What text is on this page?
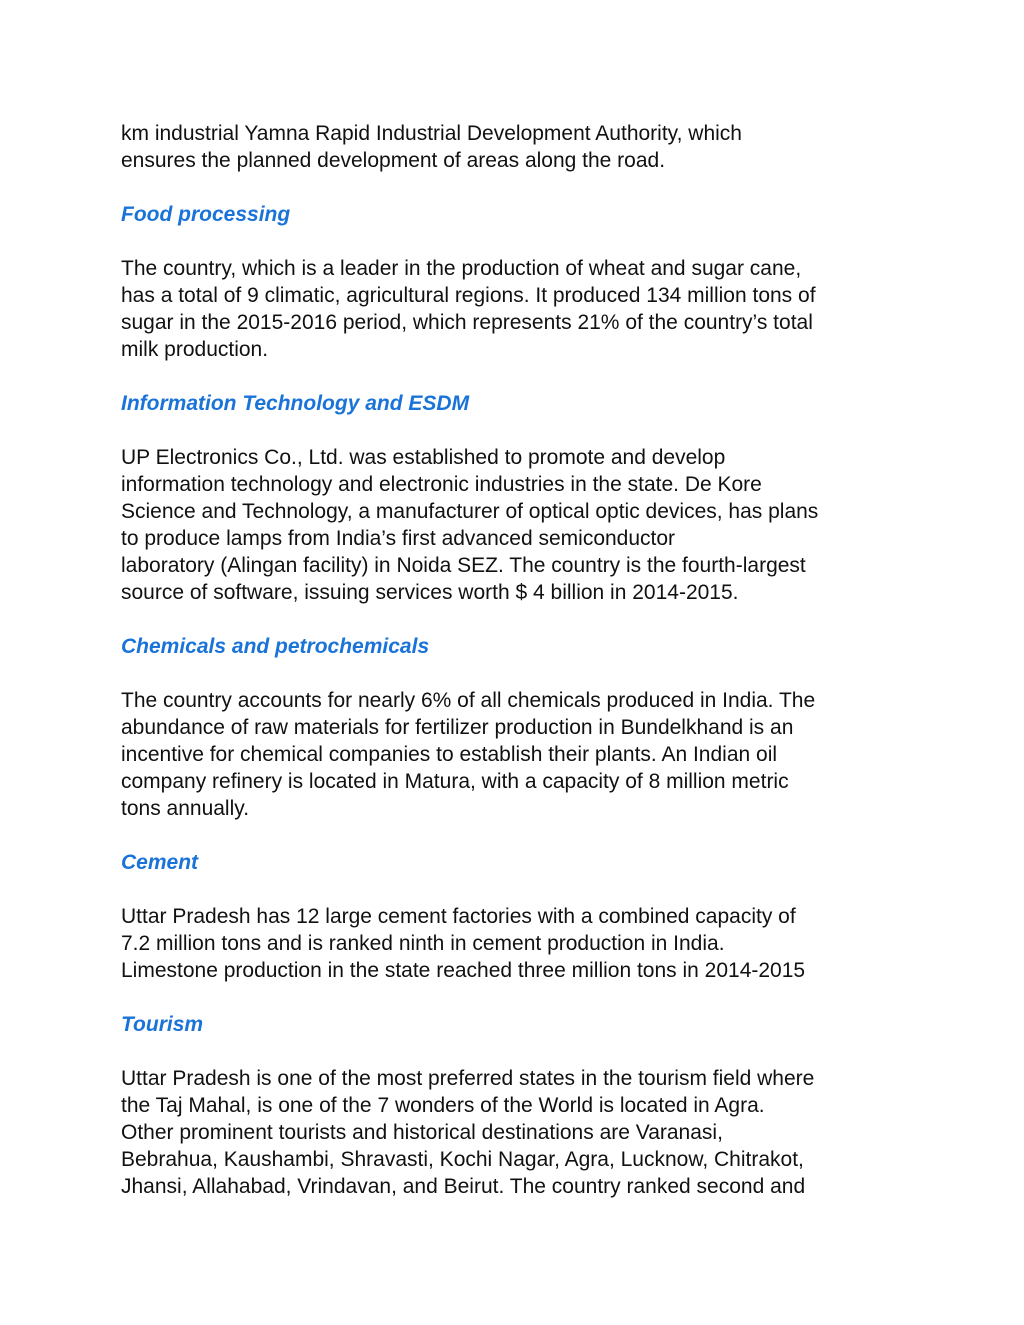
km industrial Yamna Rapid Industrial Development Authority, which
ensures the planned development of areas along the road.

Food processing

The country, which is a leader in the production of wheat and sugar cane,
has a total of 9 climatic, agricultural regions. It produced 134 million tons of
sugar in the 2015-2016 period, which represents 21% of the country’s total
milk production.

Information Technology and ESDM

UP Electronics Co., Ltd. was established to promote and develop
information technology and electronic industries in the state. De Kore
Science and Technology, a manufacturer of optical optic devices, has plans
to produce lamps from India’s first advanced semiconductor
laboratory (Alingan facility) in Noida SEZ. The country is the fourth-largest
source of software, issuing services worth $ 4 billion in 2014-2015.

Chemicals and petrochemicals

The country accounts for nearly 6% of all chemicals produced in India. The
abundance of raw materials for fertilizer production in Bundelkhand is an
incentive for chemical companies to establish their plants. An Indian oil
company refinery is located in Matura, with a capacity of 8 million metric
tons annually.

Cement

Uttar Pradesh has 12 large cement factories with a combined capacity of
7.2 million tons and is ranked ninth in cement production in India.
Limestone production in the state reached three million tons in 2014-2015

Tourism

Uttar Pradesh is one of the most preferred states in the tourism field where
the Taj Mahal, is one of the 7 wonders of the World is located in Agra.
Other prominent tourists and historical destinations are Varanasi,
Bebrahua, Kaushambi, Shravasti, Kochi Nagar, Agra, Lucknow, Chitrakot,
Jhansi, Allahabad, Vrindavan, and Beirut. The country ranked second and
